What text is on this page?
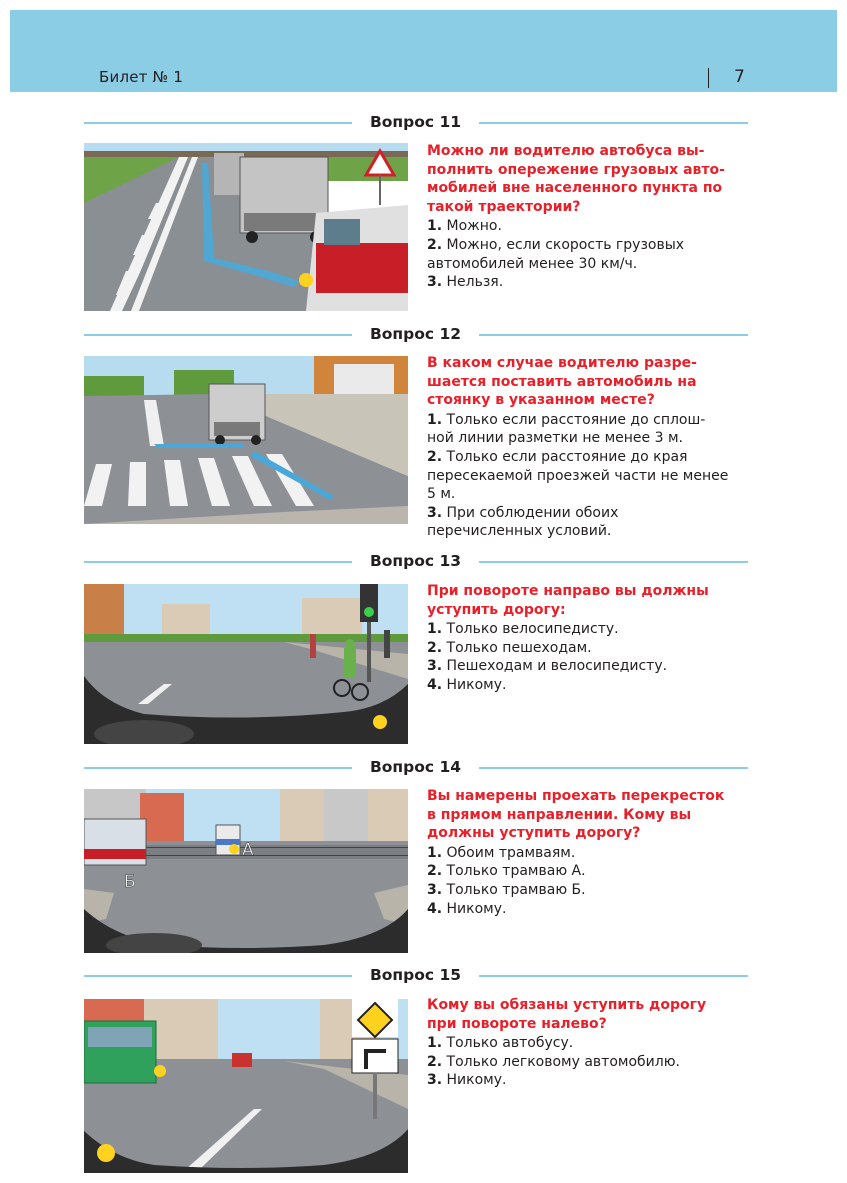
Билет № 1	7
Вопрос 11
Можно ли водителю автобуса вы-
полнить опережение грузовых авто-
мобилей вне населенного пункта по
такой траектории?
1. Можно.
2. Можно, если скорость грузовых
автомобилей менее 30 км/ч.
3. Нельзя.
Вопрос 12
В каком случае водителю разре-
шается поставить автомобиль на
стоянку в указанном месте?
1. Только если расстояние до сплош-
ной линии разметки не менее 3 м.
2. Только если расстояние до края
пересекаемой проезжей части не менее
5 м.
3. При соблюдении обоих
перечисленных условий.
Вопрос 13
При повороте направо вы должны
уступить дорогу:
1. Только велосипедисту.
2. Только пешеходам.
3. Пешеходам и велосипедисту.
4. Никому.
Вопрос 14
А
Б
Вы намерены проехать перекресток
в прямом направлении. Кому вы
должны уступить дорогу?
1. Обоим трамваям.
2. Только трамваю А.
3. Только трамваю Б.
4. Никому.
Вопрос 15
Кому вы обязаны уступить дорогу
при повороте налево?
1. Только автобусу.
2. Только легковому автомобилю.
3. Никому.
